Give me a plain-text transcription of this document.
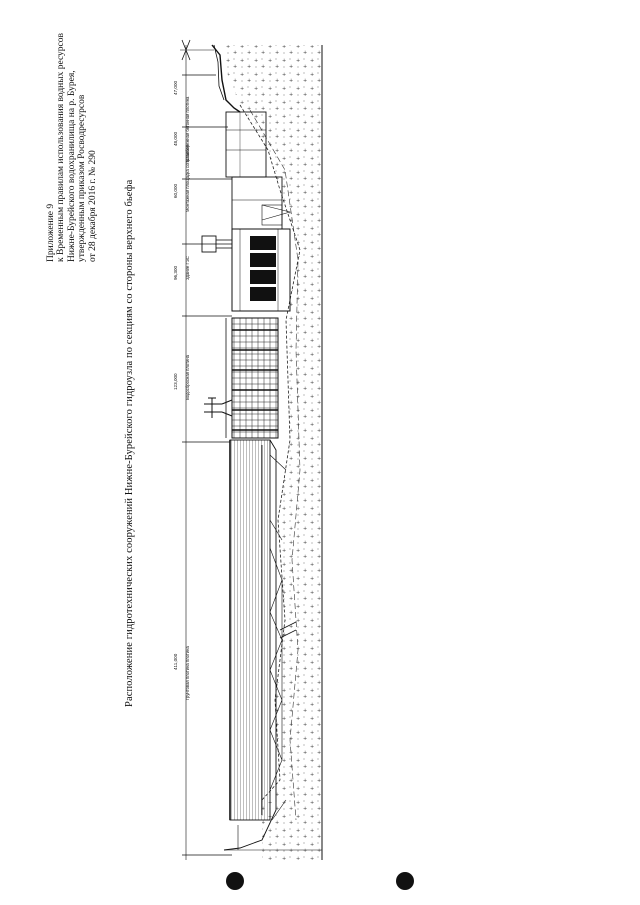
Приложение 9 к Временным правилам использования водных ресурсов Нижне-Бурейского водохранилища на р. Бурея, утвержденным приказом Росводресурсов от 28 декабря 2016 г. № 290	Расположение гидротехнических сооружений Нижне-Бурейского гидроузла по секциям со стороны верхнего бьефа
47,000
48,000 Правобережная бетонная плотина
60,000 Монтажная площадка со вставкой
96,300 Здание ГЭС
123,000 Водосбросная плотина
411,000 Грунтовая плотина плотина
